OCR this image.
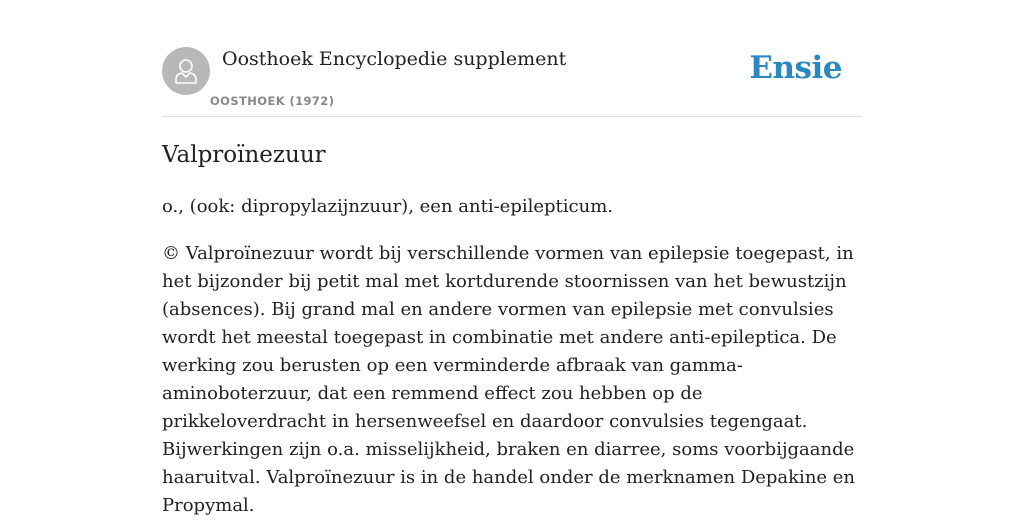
Oosthoek Encyclopedie supplement
OOSTHOEK (1972)
Ensie
Valproïnezuur

o., (ook: dipropylazijnzuur), een anti-epilepticum.

© Valproïnezuur wordt bij verschillende vormen van epilepsie toegepast, in het bijzonder bij petit mal met kortdurende stoornissen van het bewustzijn (absences). Bij grand mal en andere vormen van epilepsie met convulsies wordt het meestal toegepast in combinatie met andere anti-epileptica. De werking zou berusten op een verminderde afbraak van gamma-aminoboterzuur, dat een remmend effect zou hebben op de prikkeloverdracht in hersenweefsel en daardoor convulsies tegengaat. Bijwerkingen zijn o.a. misselijkheid, braken en diarree, soms voorbijgaande haaruitval. Valproïnezuur is in de handel onder de merknamen Depakine en Propymal.
